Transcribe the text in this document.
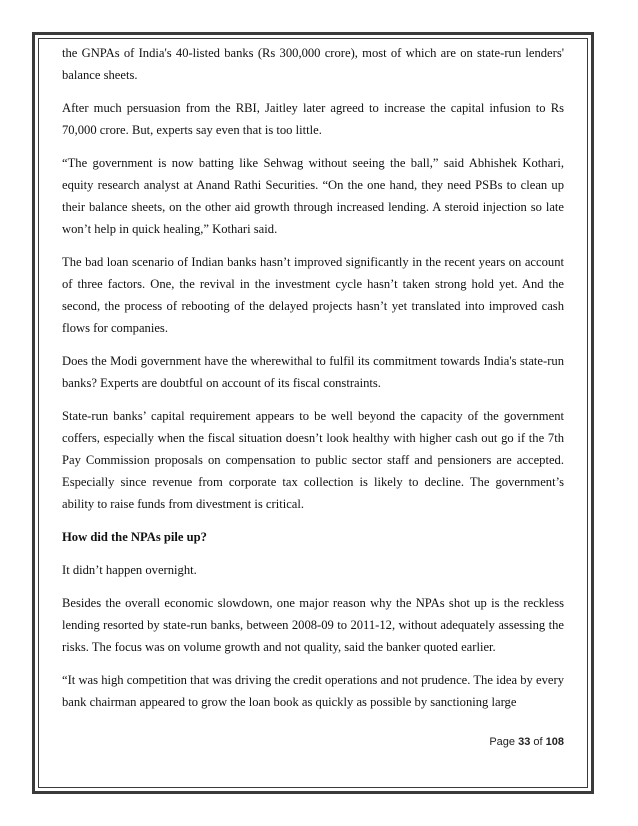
the GNPAs of India's 40-listed banks (Rs 300,000 crore), most of which are on state-run lenders' balance sheets.

After much persuasion from the RBI, Jaitley later agreed to increase the capital infusion to Rs 70,000 crore. But, experts say even that is too little.

“The government is now batting like Sehwag without seeing the ball,” said Abhishek Kothari, equity research analyst at Anand Rathi Securities. “On the one hand, they need PSBs to clean up their balance sheets, on the other aid growth through increased lending. A steroid injection so late won’t help in quick healing,” Kothari said.

The bad loan scenario of Indian banks hasn’t improved significantly in the recent years on account of three factors. One, the revival in the investment cycle hasn’t taken strong hold yet. And the second, the process of rebooting of the delayed projects hasn’t yet translated into improved cash flows for companies.

Does the Modi government have the wherewithal to fulfil its commitment towards India's state-run banks? Experts are doubtful on account of its fiscal constraints.

State-run banks’ capital requirement appears to be well beyond the capacity of the government coffers, especially when the fiscal situation doesn’t look healthy with higher cash out go if the 7th Pay Commission proposals on compensation to public sector staff and pensioners are accepted. Especially since revenue from corporate tax collection is likely to decline. The government’s ability to raise funds from divestment is critical.

How did the NPAs pile up?

It didn’t happen overnight.

Besides the overall economic slowdown, one major reason why the NPAs shot up is the reckless lending resorted by state-run banks, between 2008-09 to 2011-12, without adequately assessing the risks. The focus was on volume growth and not quality, said the banker quoted earlier.

“It was high competition that was driving the credit operations and not prudence. The idea by every bank chairman appeared to grow the loan book as quickly as possible by sanctioning large

Page 33 of 108
